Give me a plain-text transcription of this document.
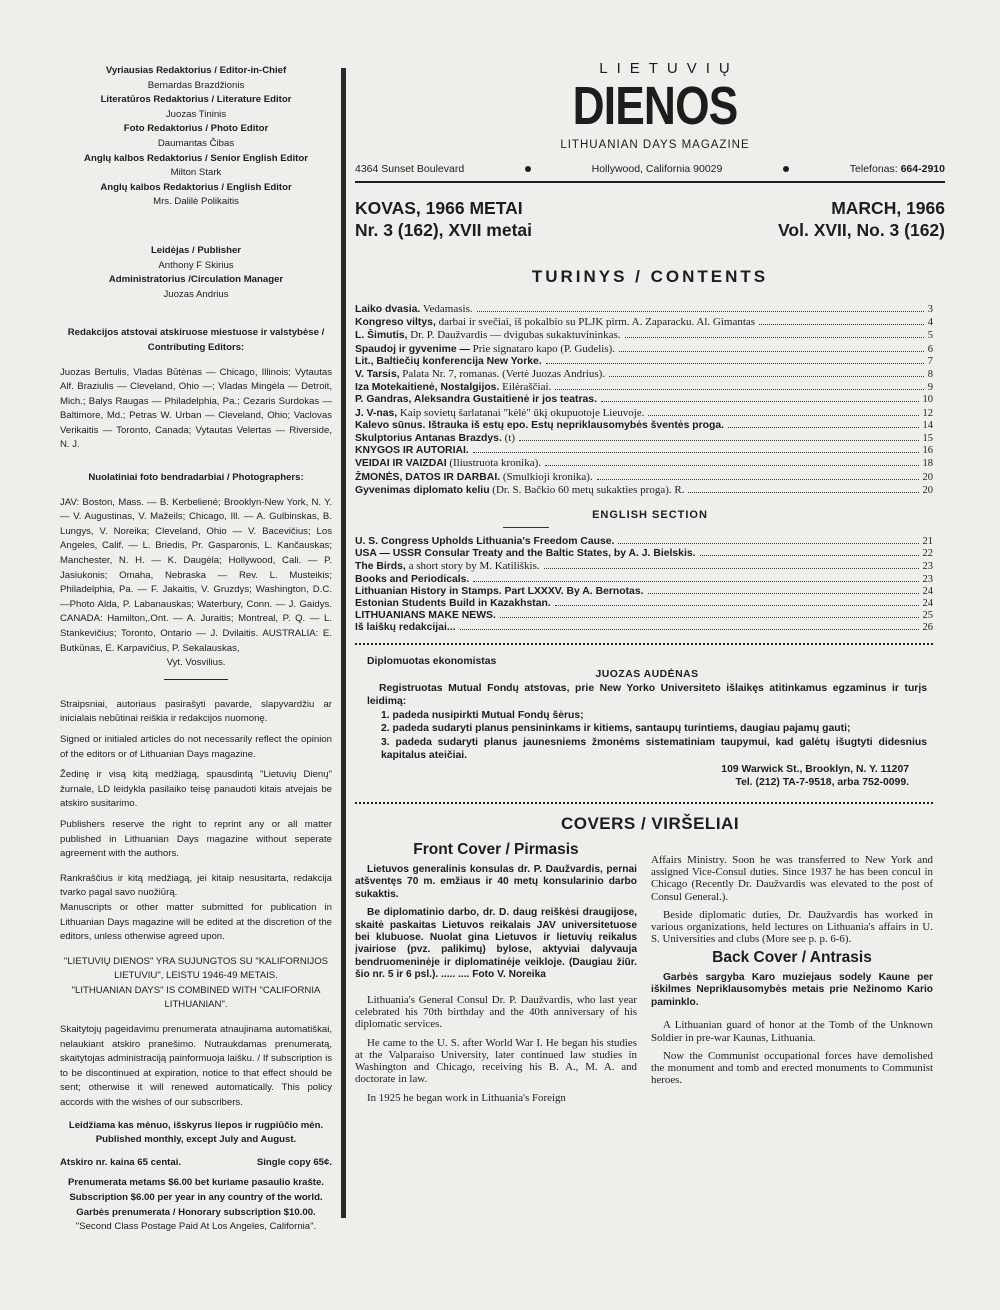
Vyriausias Redaktorius / Editor-in-Chief
Bernardas Brazdžionis
Literatūros Redaktorius / Literature Editor
Juozas Tininis
Foto Redaktorius / Photo Editor
Daumantas Čibas
Anglų kalbos Redaktorius / Senior English Editor
Milton Stark
Anglų kalbos Redaktorius / English Editor
Mrs. Dalilė Polikaitis
Leidėjas / Publisher
Anthony F Skirius
Administratorius /Circulation Manager
Juozas Andrius
Redakcijos atstovai atskiruose miestuose ir valstybėse / Contributing Editors:

Juozas Bertulis, Vladas Būtėnas — Chicago, Illinois; Vytautas Alf. Braziulis — Cleveland, Ohio —; Vladas Mingėla — Detroit, Mich.; Balys Raugas — Philadelphia, Pa.; Cezaris Surdokas — Baltimore, Md.; Petras W. Urban — Cleveland, Ohio; Vaclovas Verikaitis — Toronto, Canada; Vytautas Velertas — Riverside, N. J.

Nuolatiniai foto bendradarbiai / Photographers:

JAV: Boston, Mass. — B. Kerbelienė; Brooklyn-New York, N. Y. — V. Augustinas, V. Mažeils; Chicago, Ill. — A. Gulbinskas, B. Lungys, V. Noreika; Cleveland, Ohio — V. Bacevičius; Los Angeles, Calif. — L. Briedis, Pr. Gasparonis, L. Kančauskas; Manchester, N. H. — K. Daugėla; Hollywood, Cali. — P. Jasiukonis; Omaha, Nebraska — Rev. L. Musteikis; Philadelphia, Pa. — F. Jakaitis, V. Gruzdys; Washington, D.C. —Photo Alda, P. Labanauskas; Waterbury, Conn. — J. Gaidys. CANADA: Hamilton,.Ont. — A. Juraitis; Montreal, P. Q. — L. Stankevičius; Toronto, Ontario — J. Dvilaitis. AUSTRALIA: E. Butkūnas, E. Karpavičius, P. Sekalauskas,

Vyt. Vosvilius.

Straipsniai, autoriaus pasirašyti pavarde, slapyvardžiu ar inicialais nebūtinai reiškia ir redakcijos nuomonę.

Signed or initialed articles do not necessarily reflect the opinion of the editors or of Lithuanian Days magazine.

Žedinę ir visą kitą medžiagą, spausdintą "Lietuvių Dienų" žurnale, LD leidykla pasilaiko teisę panaudoti kitais atvejais be atskiro susitarimo.

Publishers reserve the right to reprint any or all matter published in Lithuanian Days magazine without seperate agreement with the authors.

Rankraščius ir kitą medžiagą, jei kitaip nesusitarta, redakcija tvarko pagal savo nuožiūrą.

Manuscripts or other matter submitted for publication in Lithuanian Days magazine will be edited at the discretion of the editors, unless otherwise agreed upon.

"LIETUVIŲ DIENOS" YRA SUJUNGTOS SU "KALIFORNIJOS LIETUVIU", LEISTU 1946-49 METAIS.

"LITHUANIAN DAYS" IS COMBINED WITH "CALIFORNIA LITHUANIAN".

Skaitytojų pageidavimu prenumerata atnaujinama automatiškai, nelaukiant atskiro pranešimo. Nutraukdamas prenumeratą, skaitytojas administraciją painformuoja laišku. / If subscription is to be discontinued at expiration, notice to that effect should be sent; otherwise it will renewed automatically. This policy accords with the wishes of our subscribers.

Leidžiama kas mėnuo, išskyrus liepos ir rugpiūčio mėn. Published monthly, except July and August.

Atskiro nr. kaina 65 centai.	Single copy 65¢.

Prenumerata metams $6.00 bet kuriame pasaulio krašte.

Subscription $6.00 per year in any country of the world.

Garbės prenumerata / Honorary subscription $10.00.

"Second Class Postage Paid At Los Angeles, California".

LIETUVIŲ
DIENOS
LITHUANIAN DAYS MAGAZINE
4364 Sunset Boulevard	Hollywood, California 90029	Telefonas: 664-2910
KOVAS, 1966 METAI
Nr. 3 (162), XVII metai
MARCH, 1966
Vol. XVII, No. 3 (162)
TURINYS / CONTENTS
Laiko dvasia. Vedamasis.	3
Kongreso viltys, darbai ir svečiai, iš pokalbio su PLJK pirm. A. Zaparacku. Al. Gimantas	4
L. Šimutis, Dr. P. Daužvardis — dvigubas sukaktuvininkas.	5
Spaudoj ir gyvenime — Prie signataro kapo (P. Gudelis).	6
Lit., Baltiečių konferencija New Yorke.	7
V. Tarsis, Palata Nr. 7, romanas. (Vertė Juozas Andrius).	8
Iza Motekaitienė, Nostalgijos. Eilėraščiai.	9
P. Gandras, Aleksandra Gustaitienė ir jos teatras.	10
J. V-nas, Kaip sovietų šarlatanai "kėlė" ūkį okupuotoje Lieuvoje.	12
Kalevo sūnus. Ištrauka iš estų epo. Estų nepriklausomybės šventės proga.	14
Skulptorius Antanas Brazdys. (t)	15
KNYGOS IR AUTORIAI.	16
VEIDAI IR VAIZDAI (Iliustruota kronika).	18
ŽMONĖS, DATOS IR DARBAI. (Smulkioji kronika).	20
Gyvenimas diplomato keliu (Dr. S. Bačkio 60 metų sukakties proga). R.	20
ENGLISH SECTION
U. S. Congress Upholds Lithuania's Freedom Cause.	21
USA — USSR Consular Treaty and the Baltic States, by A. J. Bielskis.	22
The Birds, a short story by M. Katiliškis.	23
Books and Periodicals.	23
Lithuanian History in Stamps. Part LXXXV. By A. Bernotas.	24
Estonian Students Build in Kazakhstan.	24
LITHUANIANS MAKE NEWS.	25
Iš laiškų redakcijai...	26
Diplomuotas ekonomistas
JUOZAS AUDĖNAS

Registruotas Mutual Fondų atstovas, prie New Yorko Universiteto išlaikęs atitinkamus egzaminus ir turįs leidimą:

1. padeda nusipirkti Mutual Fondų šėrus;

2. padeda sudaryti planus pensininkams ir kitiems, santaupų turintiems, daugiau pajamų gauti;

3. padeda sudaryti planus jaunesniems žmonėms sistematiniam taupymui, kad galėtų išugtyti didesnius kapitalus ateičiai.

109 Warwick St., Brooklyn, N. Y. 11207
Tel. (212) TA-7-9518, arba 752-0099.
COVERS / VIRŠELIAI
Front Cover / Pirmasis

Lietuvos generalinis konsulas dr. P. Daužvardis, pernai atšventęs 70 m. emžiaus ir 40 metų konsularinio darbo sukaktis.

Be diplomatinio darbo, dr. D. daug reiškėsi draugijose, skaitė paskaitas Lietuvos reikalais JAV universitetuose bei klubuose. Nuolat gina Lietuvos ir lietuvių reikalus įvairiose (pvz. palikimų) bylose, aktyviai dalyvauja bendruomeninėje ir diplomatinėje veikloje. (Daugiau žiūr. šio nr. 5 ir 6 psl.). ..... .... Foto V. Noreika

Lithuania's General Consul Dr. P. Daužvardis, who last year celebrated his 70th birthday and the 40th anniversary of his diplomatic services.

He came to the U. S. after World War I. He began his studies at the Valparaiso University, later continued law studies in Washington and Chicago, receiving his B. A., M. A. and doctorate in law.

In 1925 he began work in Lithuania's Foreign

Affairs Ministry. Soon he was transferred to New York and assigned Vice-Consul duties. Since 1937 he has been concul in Chicago (Recently Dr. Daužvardis was elevated to the post of Consul General.).

Beside diplomatic duties, Dr. Daužvardis has worked in various organizations, held lectures on Lithuania's affairs in U. S. Universities and clubs (More see p. p. 6-6).

Back Cover / Antrasis

Garbės sargyba Karo muziejaus sodely Kaune per iškilmes Nepriklausomybės metais prie Nežinomo Kario paminklo.

A Lithuanian guard of honor at the Tomb of the Unknown Soldier in pre-war Kaunas, Lithuania.

Now the Communist occupational forces have demolished the monument and tomb and erected monuments to Communist heroes.
